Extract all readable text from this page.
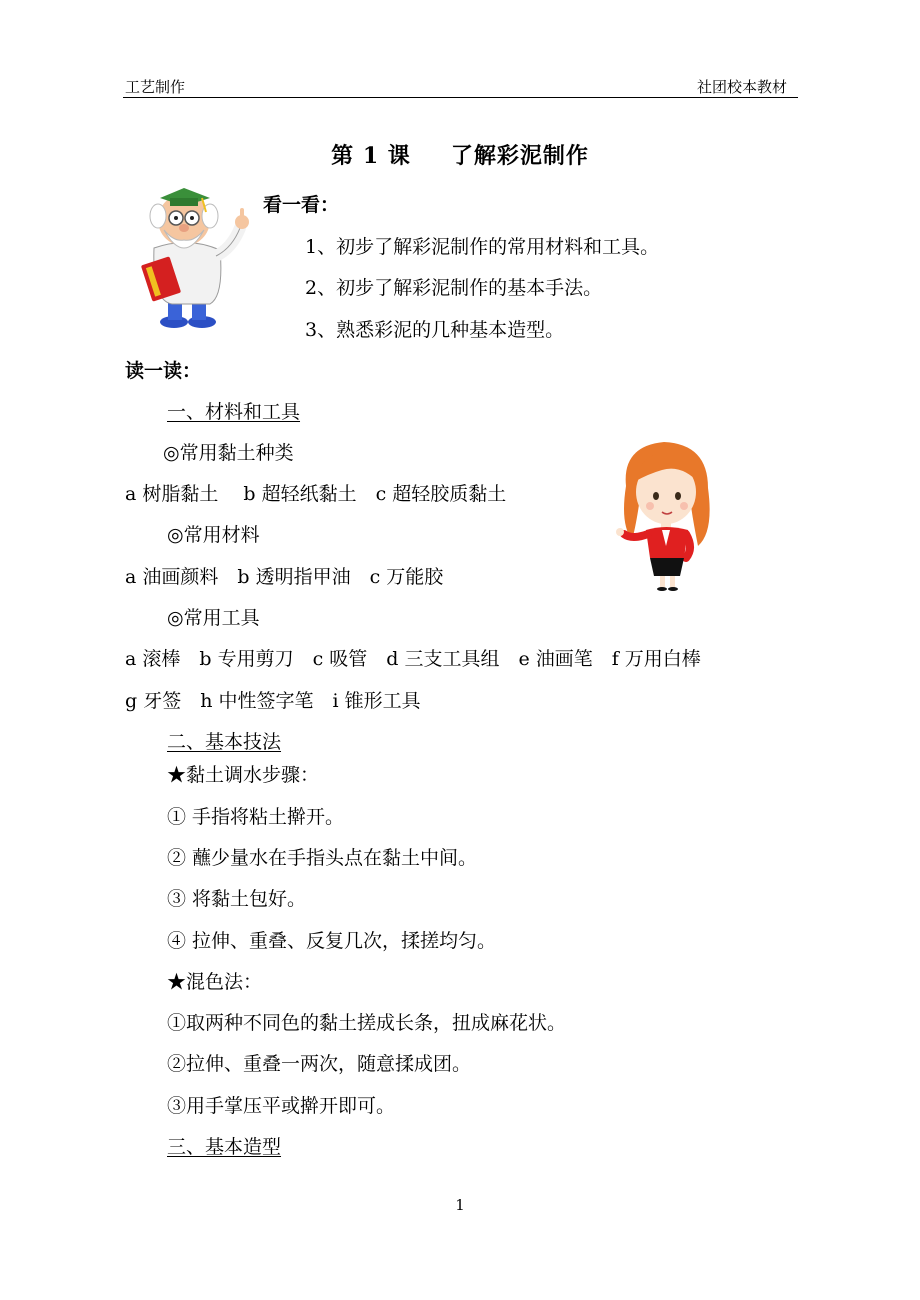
工艺制作	社团校本教材
第 1 课 了解彩泥制作
看一看：
1、初步了解彩泥制作的常用材料和工具。
2、初步了解彩泥制作的基本手法。
3、熟悉彩泥的几种基本造型。
读一读：
一、材料和工具
◎常用黏土种类
a 树脂黏土　 b 超轻纸黏土　c 超轻胶质黏土
◎常用材料
a 油画颜料　b 透明指甲油　c 万能胶
◎常用工具
a 滚棒　b 专用剪刀　c 吸管　d 三支工具组　e 油画笔　f 万用白棒
g 牙签　h 中性签字笔　i 锥形工具
二、基本技法
★黏土调水步骤：
① 手指将粘土擀开。
② 蘸少量水在手指头点在黏土中间。
③ 将黏土包好。
④ 拉伸、重叠、反复几次，揉搓均匀。
★混色法：
①取两种不同色的黏土搓成长条，扭成麻花状。
②拉伸、重叠一两次，随意揉成团。
③用手掌压平或擀开即可。
三、基本造型
1
